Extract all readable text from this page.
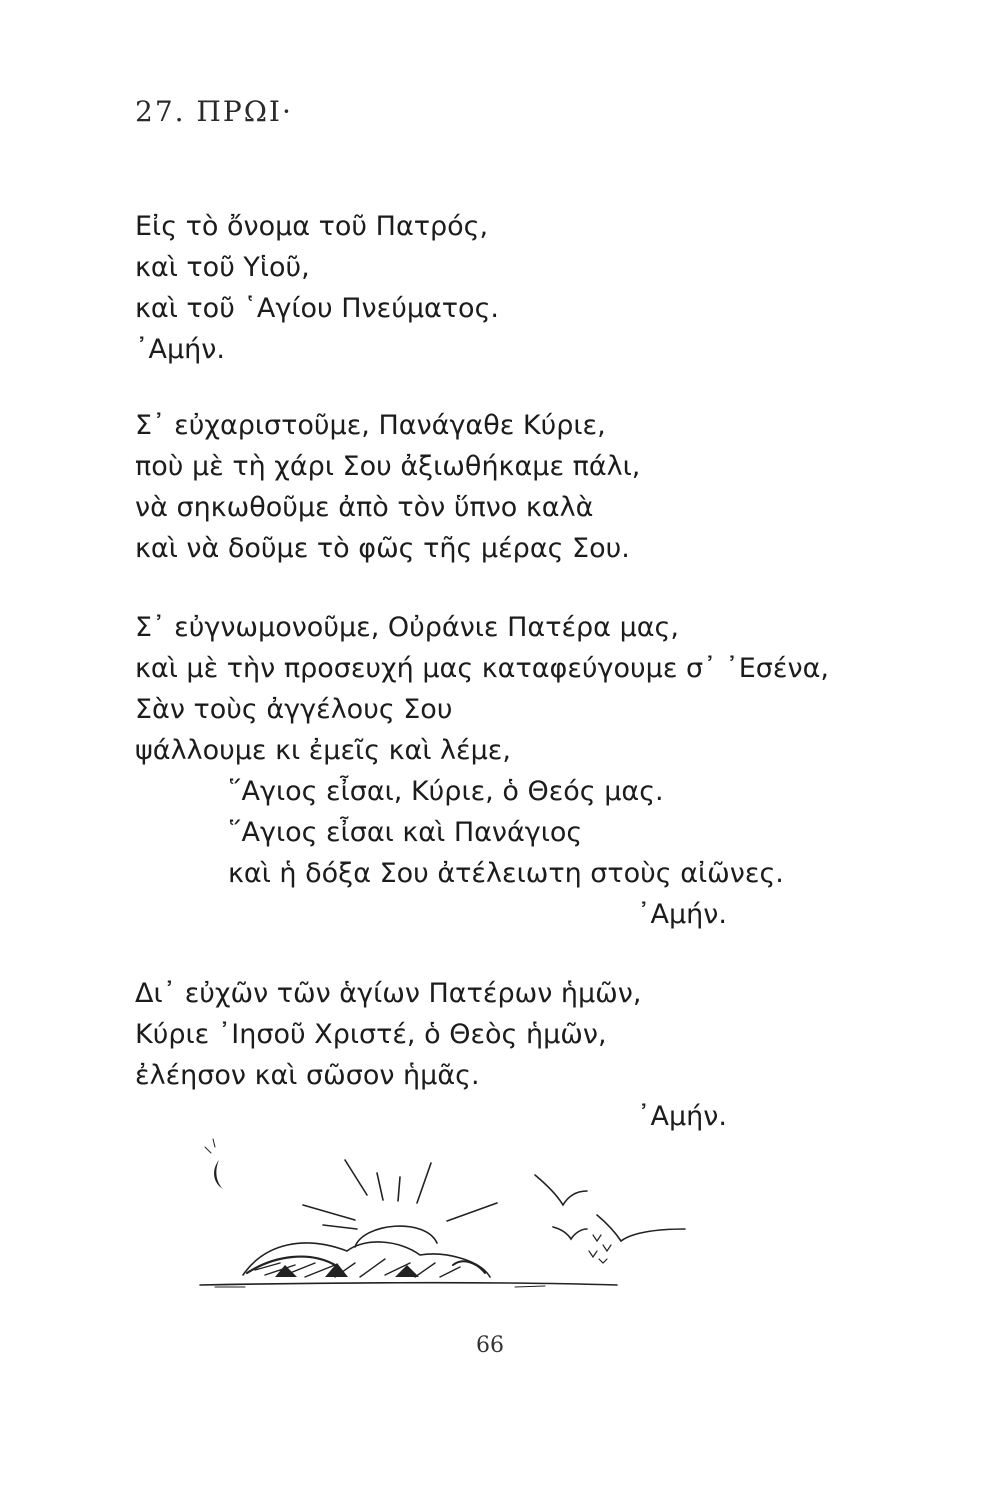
27. ΠΡΩΙ·
Εἰς τὸ ὄνομα τοῦ Πατρός,
καὶ τοῦ Υἱοῦ,
καὶ τοῦ ῾Αγίου Πνεύματος.
᾿Αμήν.
Σ᾿ εὐχαριστοῦμε, Πανάγαθε Κύριε,
ποὺ μὲ τὴ χάρι Σου ἀξιωθήκαμε πάλι,
νὰ σηκωθοῦμε ἀπὸ τὸν ὕπνο καλὰ
καὶ νὰ δοῦμε τὸ φῶς τῆς μέρας Σου.
Σ᾿ εὐγνωμονοῦμε, Οὐράνιε Πατέρα μας,
καὶ μὲ τὴν προσευχή μας καταφεύγουμε σ᾿ ᾿Εσένα,
Σὰν τοὺς ἀγγέλους Σου
ψάλλουμε κι ἐμεῖς καὶ λέμε,
῞Αγιος εἶσαι, Κύριε, ὁ Θεός μας.
῞Αγιος εἶσαι καὶ Πανάγιος
καὶ ἡ δόξα Σου ἀτέλειωτη στοὺς αἰῶνες.
᾿Αμήν.
Δι᾿ εὐχῶν τῶν ἁγίων Πατέρων ἡμῶν,
Κύριε ᾿Ιησοῦ Χριστέ, ὁ Θεὸς ἡμῶν,
ἐλέησον καὶ σῶσον ἡμᾶς.
᾿Αμήν.
66
